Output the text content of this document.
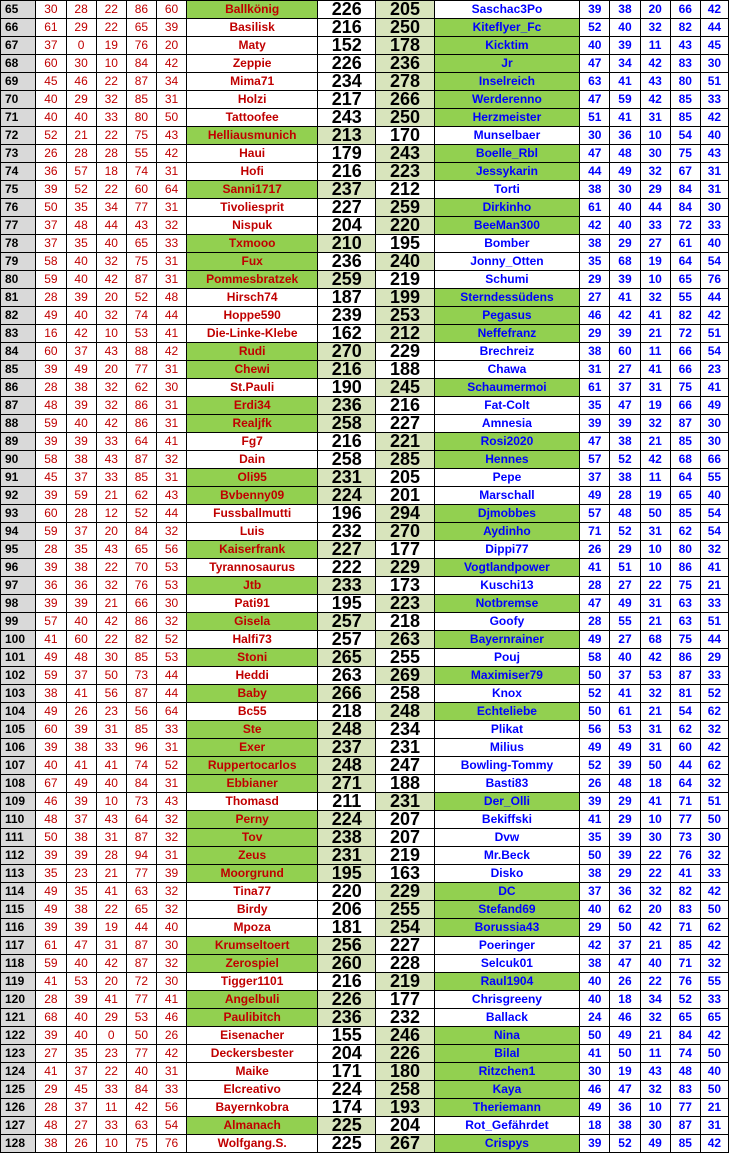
65	30	28	22	86	60	Ballkönig	226	205	Saschac3Po	39	38	20	66	42
66	61	29	22	65	39	Basilisk	216	250	Kiteflyer_Fc	52	40	32	82	44
67	37	0	19	76	20	Maty	152	178	Kicktim	40	39	11	43	45
68	60	30	10	84	42	Zeppie	226	236	Jr	47	34	42	83	30
69	45	46	22	87	34	Mima71	234	278	Inselreich	63	41	43	80	51
70	40	29	32	85	31	Holzi	217	266	Werderenno	47	59	42	85	33
71	40	40	33	80	50	Tattoofee	243	250	Herzmeister	51	41	31	85	42
72	52	21	22	75	43	Helliausmunich	213	170	Munselbaer	30	36	10	54	40
73	26	28	28	55	42	Haui	179	243	Boelle_Rbl	47	48	30	75	43
74	36	57	18	74	31	Hofi	216	223	Jessykarin	44	49	32	67	31
75	39	52	22	60	64	Sanni1717	237	212	Torti	38	30	29	84	31
76	50	35	34	77	31	Tivoliesprit	227	259	Dirkinho	61	40	44	84	30
77	37	48	44	43	32	Nispuk	204	220	BeeMan300	42	40	33	72	33
78	37	35	40	65	33	Txmooo	210	195	Bomber	38	29	27	61	40
79	58	40	32	75	31	Fux	236	240	Jonny_Otten	35	68	19	64	54
80	59	40	42	87	31	Pommesbratzek	259	219	Schumi	29	39	10	65	76
81	28	39	20	52	48	Hirsch74	187	199	Sterndessüdens	27	41	32	55	44
82	49	40	32	74	44	Hoppe590	239	253	Pegasus	46	42	41	82	42
83	16	42	10	53	41	Die-Linke-Klebe	162	212	Neffefranz	29	39	21	72	51
84	60	37	43	88	42	Rudi	270	229	Brechreiz	38	60	11	66	54
85	39	49	20	77	31	Chewi	216	188	Chawa	31	27	41	66	23
86	28	38	32	62	30	St.Pauli	190	245	Schaumermoi	61	37	31	75	41
87	48	39	32	86	31	Erdi34	236	216	Fat-Colt	35	47	19	66	49
88	59	40	42	86	31	Realjfk	258	227	Amnesia	39	39	32	87	30
89	39	39	33	64	41	Fg7	216	221	Rosi2020	47	38	21	85	30
90	58	38	43	87	32	Dain	258	285	Hennes	57	52	42	68	66
91	45	37	33	85	31	Oli95	231	205	Pepe	37	38	11	64	55
92	39	59	21	62	43	Bvbenny09	224	201	Marschall	49	28	19	65	40
93	60	28	12	52	44	Fussballmutti	196	294	Djmobbes	57	48	50	85	54
94	59	37	20	84	32	Luis	232	270	Aydinho	71	52	31	62	54
95	28	35	43	65	56	Kaiserfrank	227	177	Dippi77	26	29	10	80	32
96	39	38	22	70	53	Tyrannosaurus	222	229	Vogtlandpower	41	51	10	86	41
97	36	36	32	76	53	Jtb	233	173	Kuschi13	28	27	22	75	21
98	39	39	21	66	30	Pati91	195	223	Notbremse	47	49	31	63	33
99	57	40	42	86	32	Gisela	257	218	Goofy	28	55	21	63	51
100	41	60	22	82	52	Halfi73	257	263	Bayernrainer	49	27	68	75	44
101	49	48	30	85	53	Stoni	265	255	Pouj	58	40	42	86	29
102	59	37	50	73	44	Heddi	263	269	Maximiser79	50	37	53	87	33
103	38	41	56	87	44	Baby	266	258	Knox	52	41	32	81	52
104	49	26	23	56	64	Bc55	218	248	Echteliebe	50	61	21	54	62
105	60	39	31	85	33	Ste	248	234	Plikat	56	53	31	62	32
106	39	38	33	96	31	Exer	237	231	Milius	49	49	31	60	42
107	40	41	41	74	52	Ruppertocarlos	248	247	Bowling-Tommy	52	39	50	44	62
108	67	49	40	84	31	Ebbianer	271	188	Basti83	26	48	18	64	32
109	46	39	10	73	43	Thomasd	211	231	Der_Olli	39	29	41	71	51
110	48	37	43	64	32	Perny	224	207	Bekiffski	41	29	10	77	50
111	50	38	31	87	32	Tov	238	207	Dvw	35	39	30	73	30
112	39	39	28	94	31	Zeus	231	219	Mr.Beck	50	39	22	76	32
113	35	23	21	77	39	Moorgrund	195	163	Disko	38	29	22	41	33
114	49	35	41	63	32	Tina77	220	229	DC	37	36	32	82	42
115	49	38	22	65	32	Birdy	206	255	Stefand69	40	62	20	83	50
116	39	39	19	44	40	Mpoza	181	254	Borussia43	29	50	42	71	62
117	61	47	31	87	30	Krumseltoert	256	227	Poeringer	42	37	21	85	42
118	59	40	42	87	32	Zerospiel	260	228	Selcuk01	38	47	40	71	32
119	41	53	20	72	30	Tigger1101	216	219	Raul1904	40	26	22	76	55
120	28	39	41	77	41	Angelbuli	226	177	Chrisgreeny	40	18	34	52	33
121	68	40	29	53	46	Paulibitch	236	232	Ballack	24	46	32	65	65
122	39	40	0	50	26	Eisenacher	155	246	Nina	50	49	21	84	42
123	27	35	23	77	42	Deckersbester	204	226	Bilal	41	50	11	74	50
124	41	37	22	40	31	Maike	171	180	Ritzchen1	30	19	43	48	40
125	29	45	33	84	33	Elcreativo	224	258	Kaya	46	47	32	83	50
126	28	37	11	42	56	Bayernkobra	174	193	Theriemann	49	36	10	77	21
127	48	27	33	63	54	Almanach	225	204	Rot_Gefährdet	18	38	30	87	31
128	38	26	10	75	76	Wolfgang.S.	225	267	Crispys	39	52	49	85	42
